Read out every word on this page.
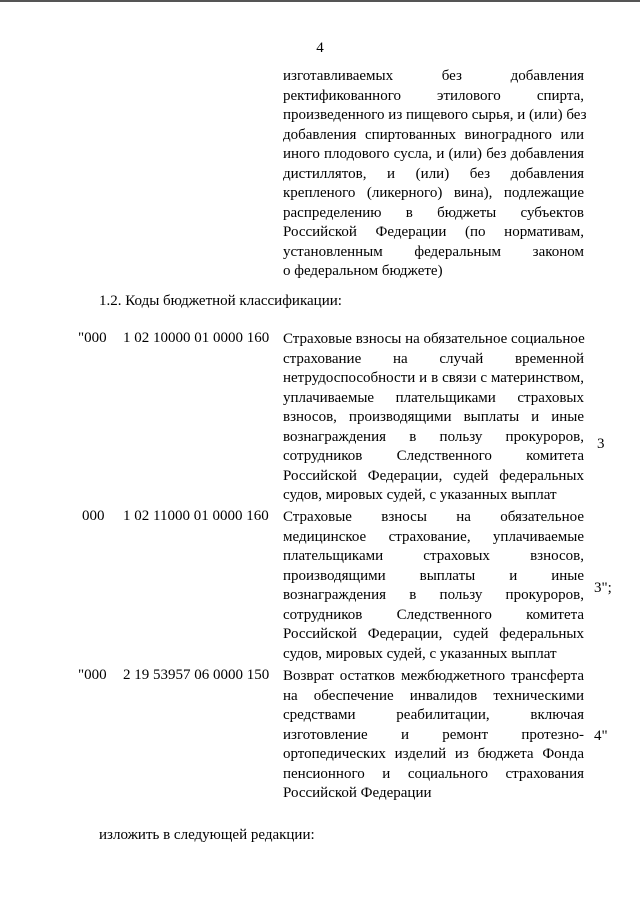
4
изготавливаемых без добавления
ректификованного этилового спирта,
произведенного из пищевого сырья, и (или) без
добавления спиртованных виноградного или
иного плодового сусла, и (или) без добавления
дистиллятов, и (или) без добавления
крепленого (ликерного) вина), подлежащие
распределению в бюджеты субъектов
Российской Федерации (по нормативам,
установленным федеральным законом
о федеральном бюджете)
1.2. Коды бюджетной классификации:
"000 1 02 10000 01 0000 160 Страховые взносы на обязательное социальное
страхование на случай временной
нетрудоспособности и в связи с материнством,
уплачиваемые плательщиками страховых
взносов, производящими выплаты и иные
вознаграждения в пользу прокуроров,
сотрудников Следственного комитета
Российской Федерации, судей федеральных
судов, мировых судей, с указанных выплат
3
000 1 02 11000 01 0000 160 Страховые взносы на обязательное
медицинское страхование, уплачиваемые
плательщиками страховых взносов,
производящими выплаты и иные
вознаграждения в пользу прокуроров,
сотрудников Следственного комитета
Российской Федерации, судей федеральных
судов, мировых судей, с указанных выплат
3";
"000 2 19 53957 06 0000 150 Возврат остатков межбюджетного трансферта
на обеспечение инвалидов техническими
средствами реабилитации, включая
изготовление и ремонт протезно-
ортопедических изделий из бюджета Фонда
пенсионного и социального страхования
Российской Федерации
4"
изложить в следующей редакции:
